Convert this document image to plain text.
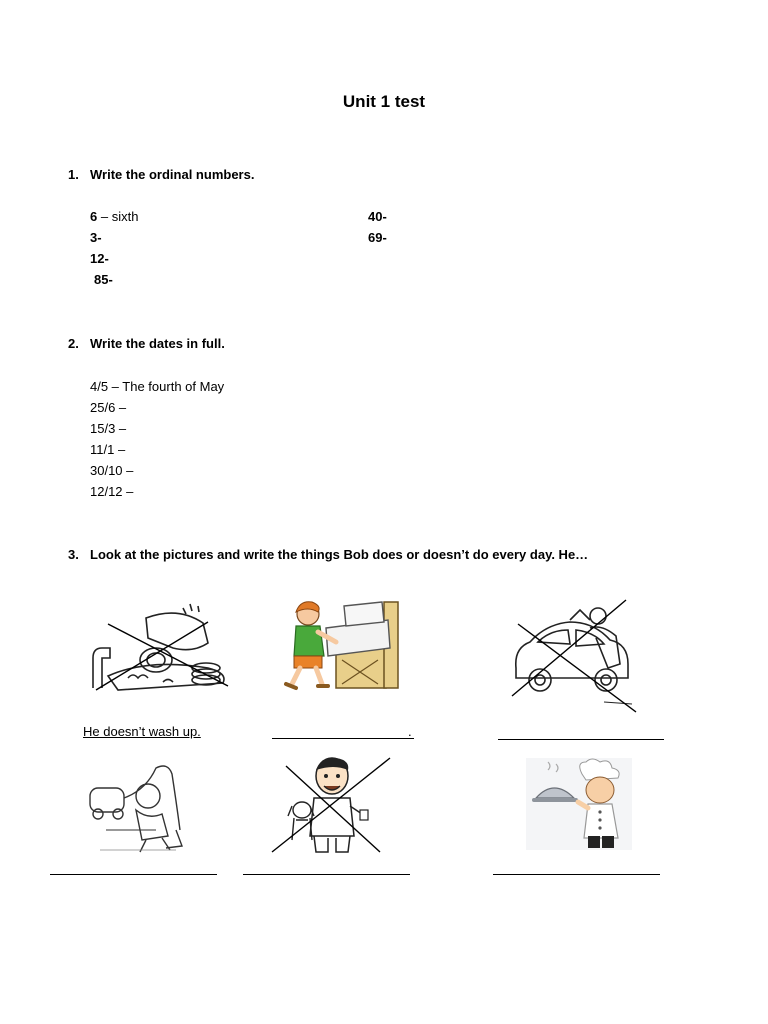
Unit 1 test
1. Write the ordinal numbers.
6 – sixth
3-
12-
85-
40-
69-
2. Write the dates in full.
4/5 – The fourth of May
25/6 –
15/3 –
11/1 –
30/10 –
12/12 –
3. Look at the pictures and write the things Bob does or doesn’t do every day. He…
He doesn’t wash up.	.
